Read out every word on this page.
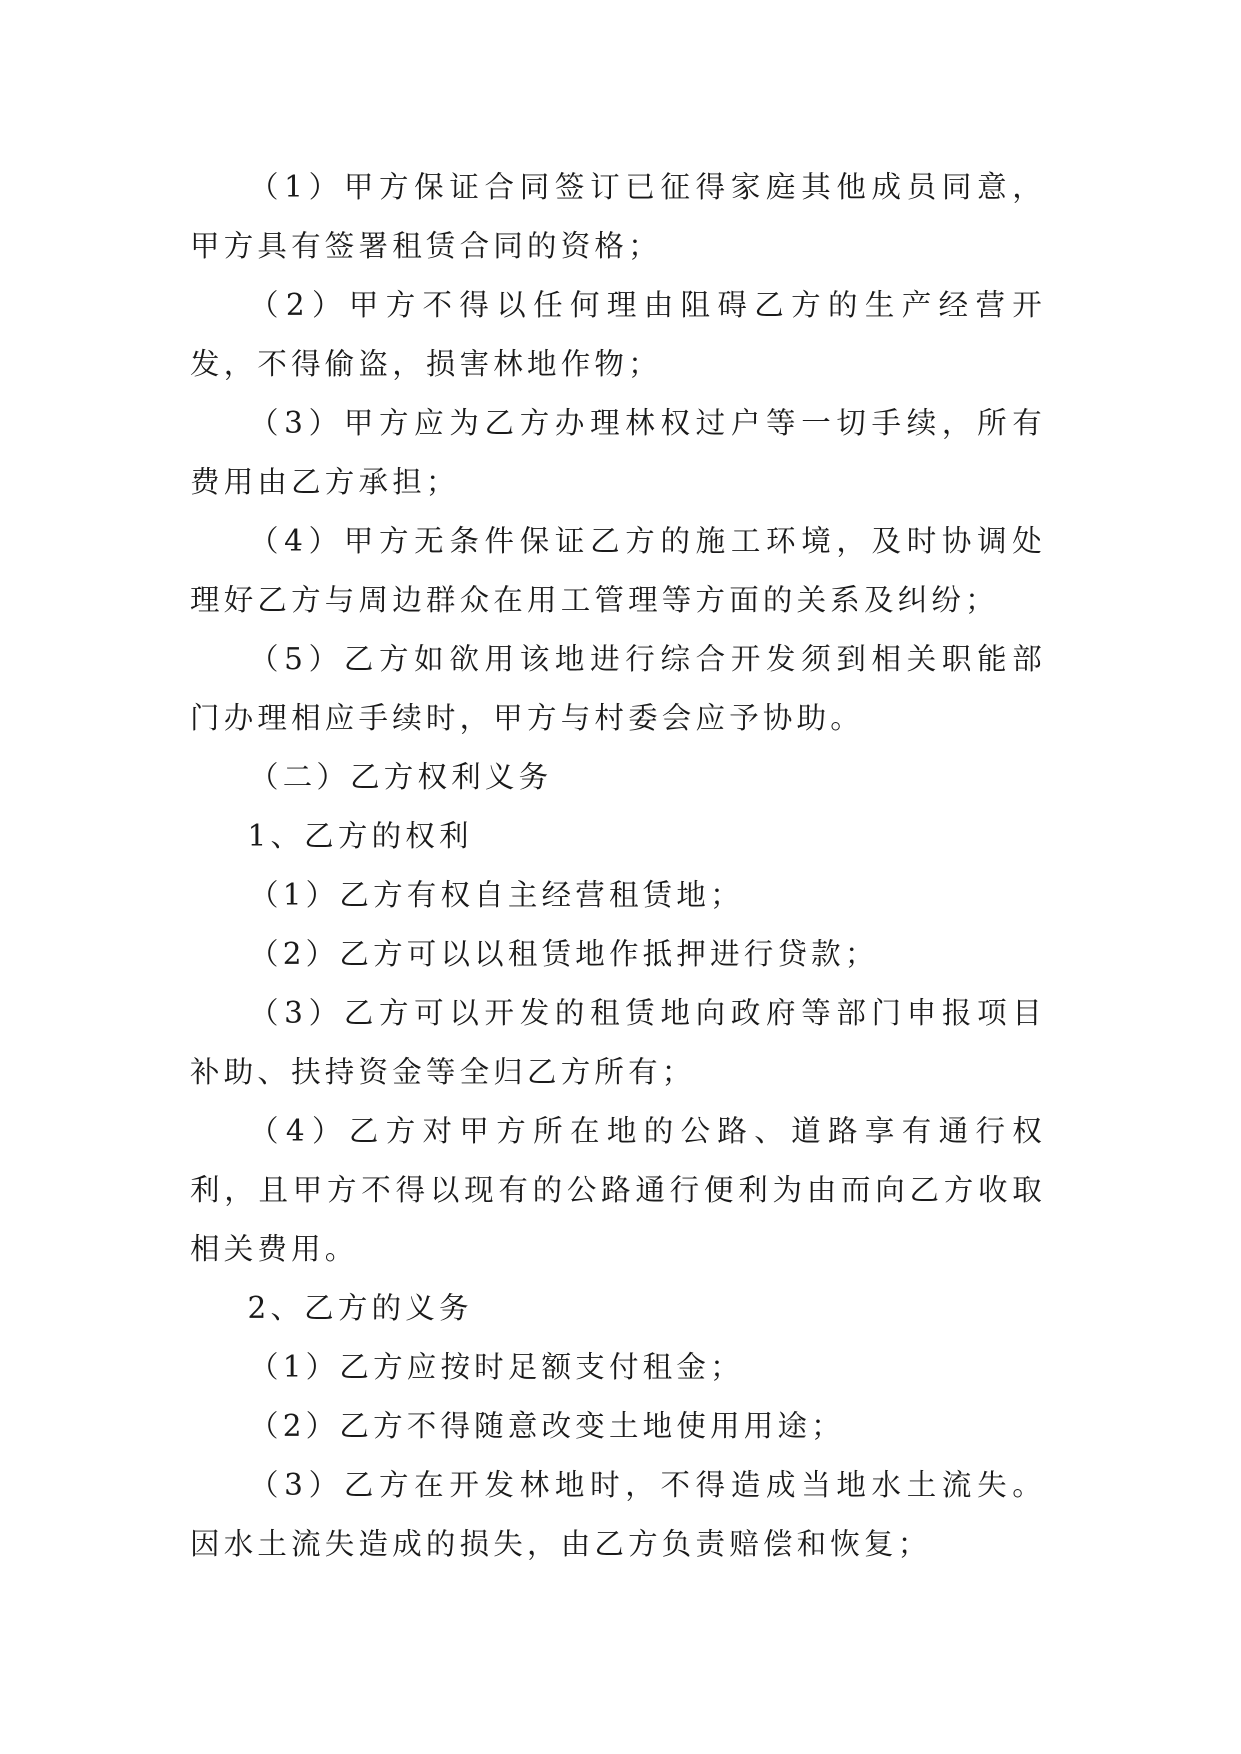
（1）甲方保证合同签订已征得家庭其他成员同意，甲方具有签署租赁合同的资格；

（2）甲方不得以任何理由阻碍乙方的生产经营开发，不得偷盗，损害林地作物；

（3）甲方应为乙方办理林权过户等一切手续，所有费用由乙方承担；

（4）甲方无条件保证乙方的施工环境，及时协调处理好乙方与周边群众在用工管理等方面的关系及纠纷；

（5）乙方如欲用该地进行综合开发须到相关职能部门办理相应手续时，甲方与村委会应予协助。

（二）乙方权利义务

1、乙方的权利

（1）乙方有权自主经营租赁地；

（2）乙方可以以租赁地作抵押进行贷款；

（3）乙方可以开发的租赁地向政府等部门申报项目补助、扶持资金等全归乙方所有；

（4）乙方对甲方所在地的公路、道路享有通行权利，且甲方不得以现有的公路通行便利为由而向乙方收取相关费用。

2、乙方的义务

（1）乙方应按时足额支付租金；

（2）乙方不得随意改变土地使用用途；

（3）乙方在开发林地时，不得造成当地水土流失。因水土流失造成的损失，由乙方负责赔偿和恢复；
